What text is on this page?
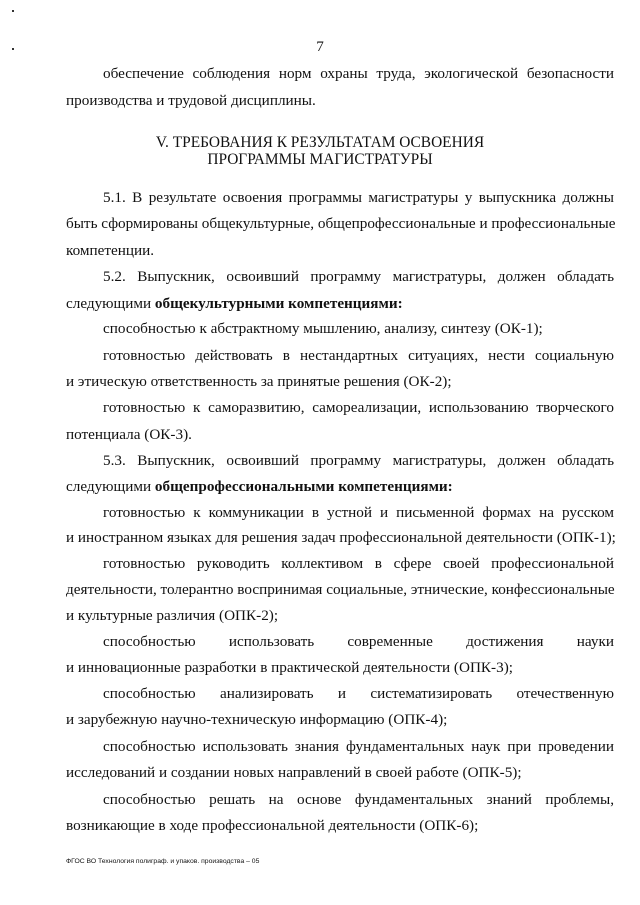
7
обеспечение соблюдения норм охраны труда, экологической безопасности
производства и трудовой дисциплины.
V. ТРЕБОВАНИЯ К РЕЗУЛЬТАТАМ ОСВОЕНИЯ
ПРОГРАММЫ МАГИСТРАТУРЫ
5.1. В результате освоения программы магистратуры у выпускника должны
быть сформированы общекультурные, общепрофессиональные и профессиональные
компетенции.
5.2. Выпускник, освоивший программу магистратуры, должен обладать
следующими общекультурными компетенциями:
способностью к абстрактному мышлению, анализу, синтезу (ОК-1);
готовностью действовать в нестандартных ситуациях, нести социальную
и этическую ответственность за принятые решения (ОК-2);
готовностью к саморазвитию, самореализации, использованию творческого
потенциала (ОК-3).
5.3. Выпускник, освоивший программу магистратуры, должен обладать
следующими общепрофессиональными компетенциями:
готовностью к коммуникации в устной и письменной формах на русском
и иностранном языках для решения задач профессиональной деятельности (ОПК-1);
готовностью руководить коллективом в сфере своей профессиональной
деятельности, толерантно воспринимая социальные, этнические, конфессиональные
и культурные различия (ОПК-2);
способностью использовать современные достижения науки
и инновационные разработки в практической деятельности (ОПК-3);
способностью анализировать и систематизировать отечественную
и зарубежную научно-техническую информацию (ОПК-4);
способностью использовать знания фундаментальных наук при проведении
исследований и создании новых направлений в своей работе (ОПК-5);
способностью решать на основе фундаментальных знаний проблемы,
возникающие в ходе профессиональной деятельности (ОПК-6);
ФГОС ВО Технология полиграф. и упаков. производства – 05
